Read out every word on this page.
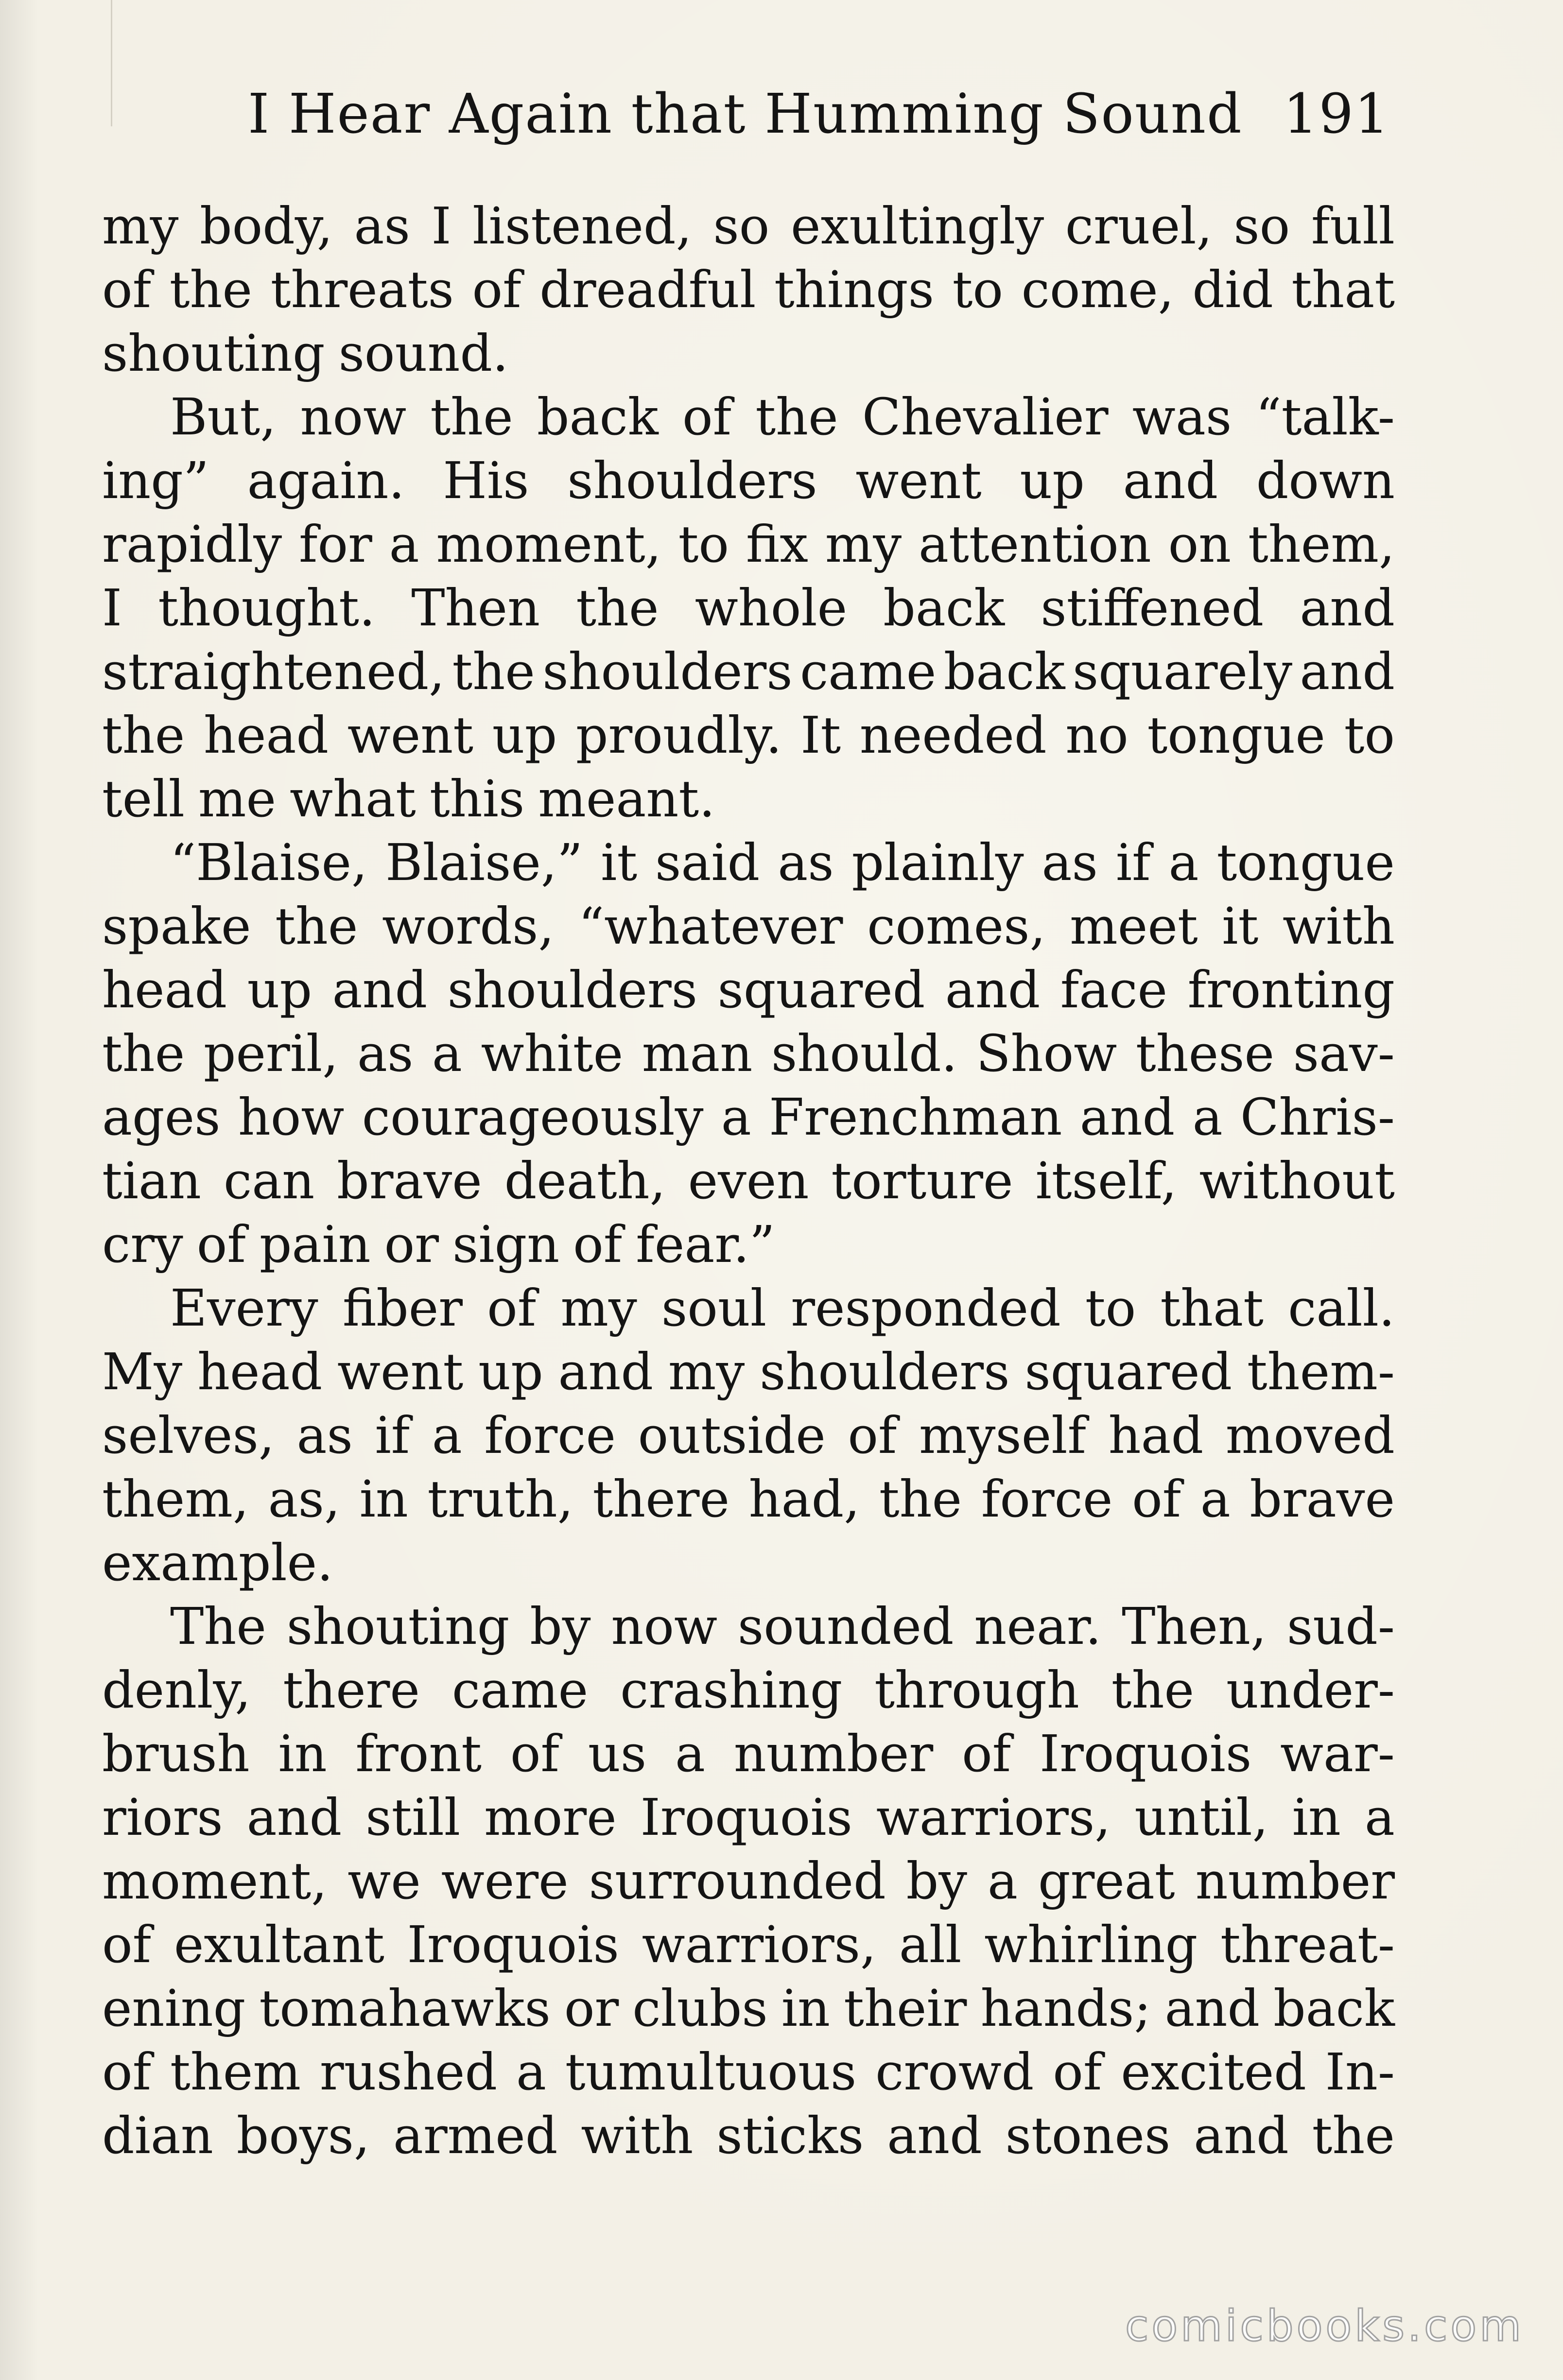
I Hear Again that Humming Sound 191
my body, as I listened, so exultingly cruel, so full
of the threats of dreadful things to come, did that
shouting sound.
But, now the back of the Chevalier was “talk-
ing” again. His shoulders went up and down
rapidly for a moment, to fix my attention on them,
I thought. Then the whole back stiffened and
straightened, the shoulders came back squarely and
the head went up proudly. It needed no tongue to
tell me what this meant.
“Blaise, Blaise,” it said as plainly as if a tongue
spake the words, “whatever comes, meet it with
head up and shoulders squared and face fronting
the peril, as a white man should. Show these sav-
ages how courageously a Frenchman and a Chris-
tian can brave death, even torture itself, without
cry of pain or sign of fear.”
Every fiber of my soul responded to that call.
My head went up and my shoulders squared them-
selves, as if a force outside of myself had moved
them, as, in truth, there had, the force of a brave
example.
The shouting by now sounded near. Then, sud-
denly, there came crashing through the under-
brush in front of us a number of Iroquois war-
riors and still more Iroquois warriors, until, in a
moment, we were surrounded by a great number
of exultant Iroquois warriors, all whirling threat-
ening tomahawks or clubs in their hands; and back
of them rushed a tumultuous crowd of excited In-
dian boys, armed with sticks and stones and the
comicbooks.com
